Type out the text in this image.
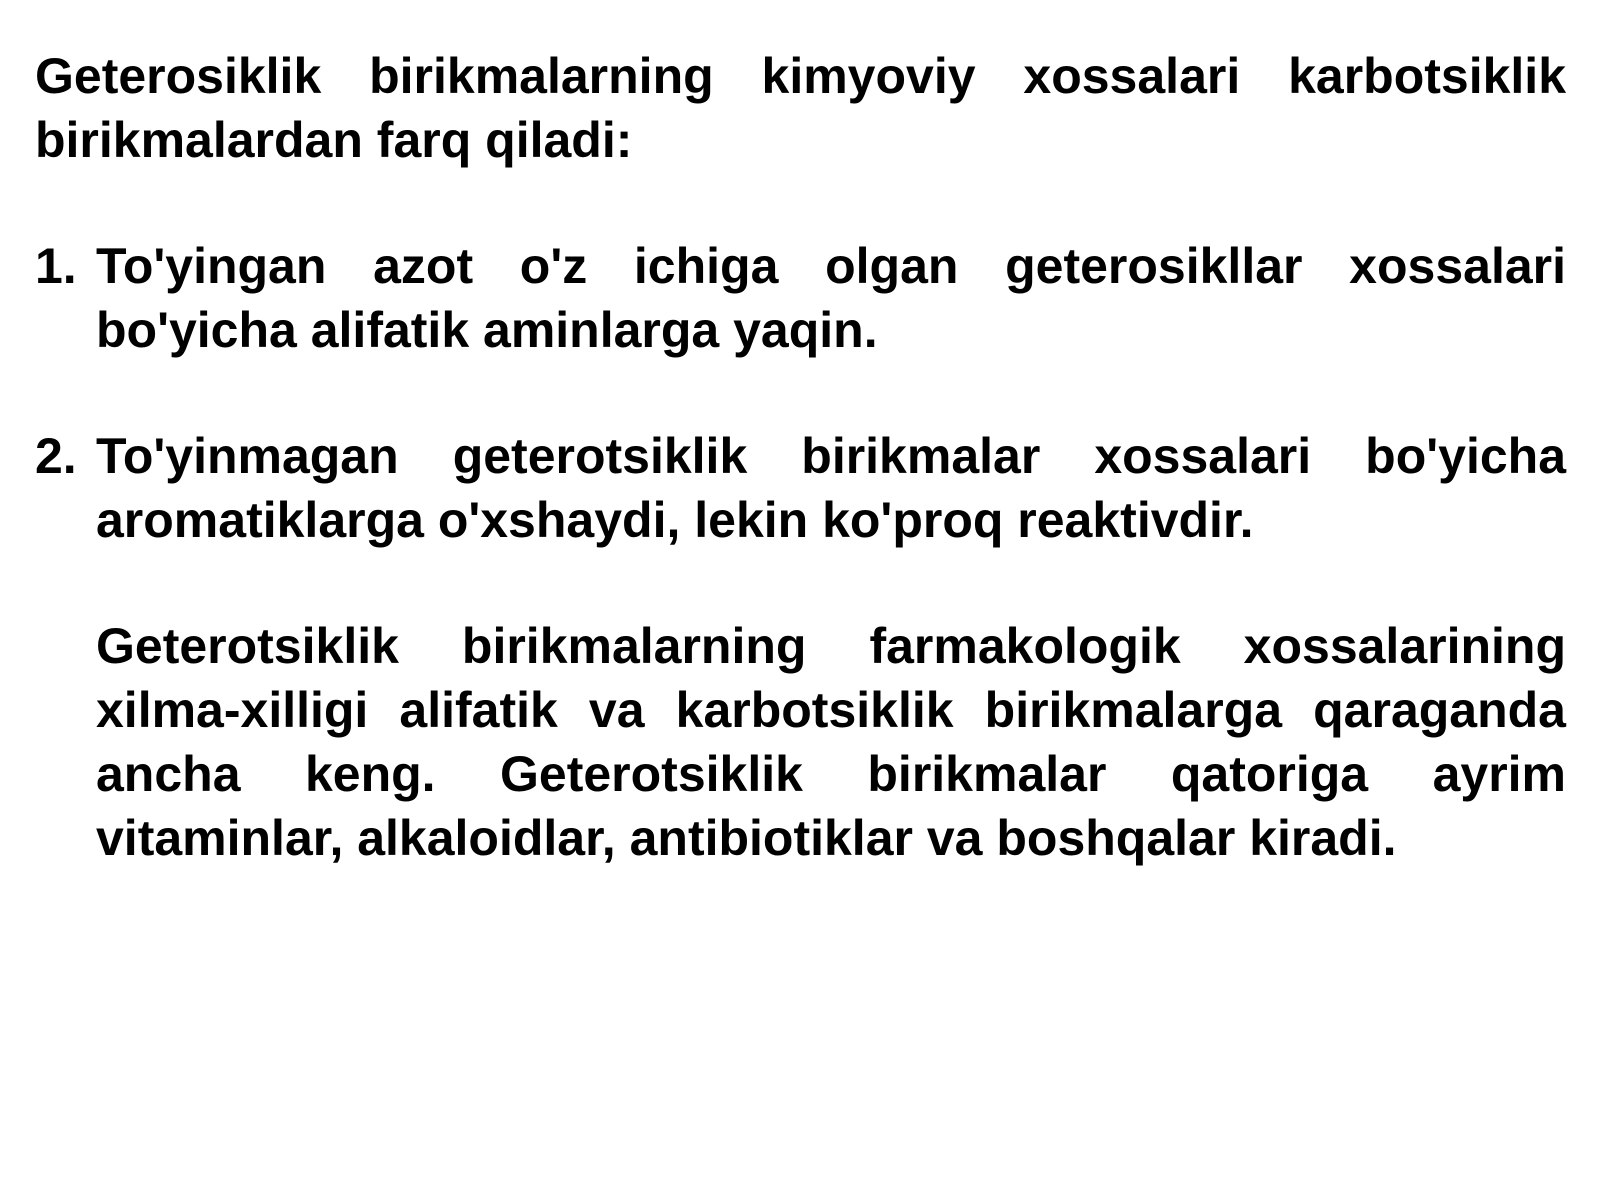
Geterosiklik birikmalarning kimyoviy xossalari karbotsiklik birikmalardan farq qiladi:

1. To'yingan azot o'z ichiga olgan geterosikllar xossalari bo'yicha alifatik aminlarga yaqin.

2. To'yinmagan geterotsiklik birikmalar xossalari bo'yicha aromatiklarga o'xshaydi, lekin ko'proq reaktivdir.

Geterotsiklik birikmalarning farmakologik xossalarining xilma-xilligi alifatik va karbotsiklik birikmalarga qaraganda ancha keng. Geterotsiklik birikmalar qatoriga ayrim vitaminlar, alkaloidlar, antibiotiklar va boshqalar kiradi.
